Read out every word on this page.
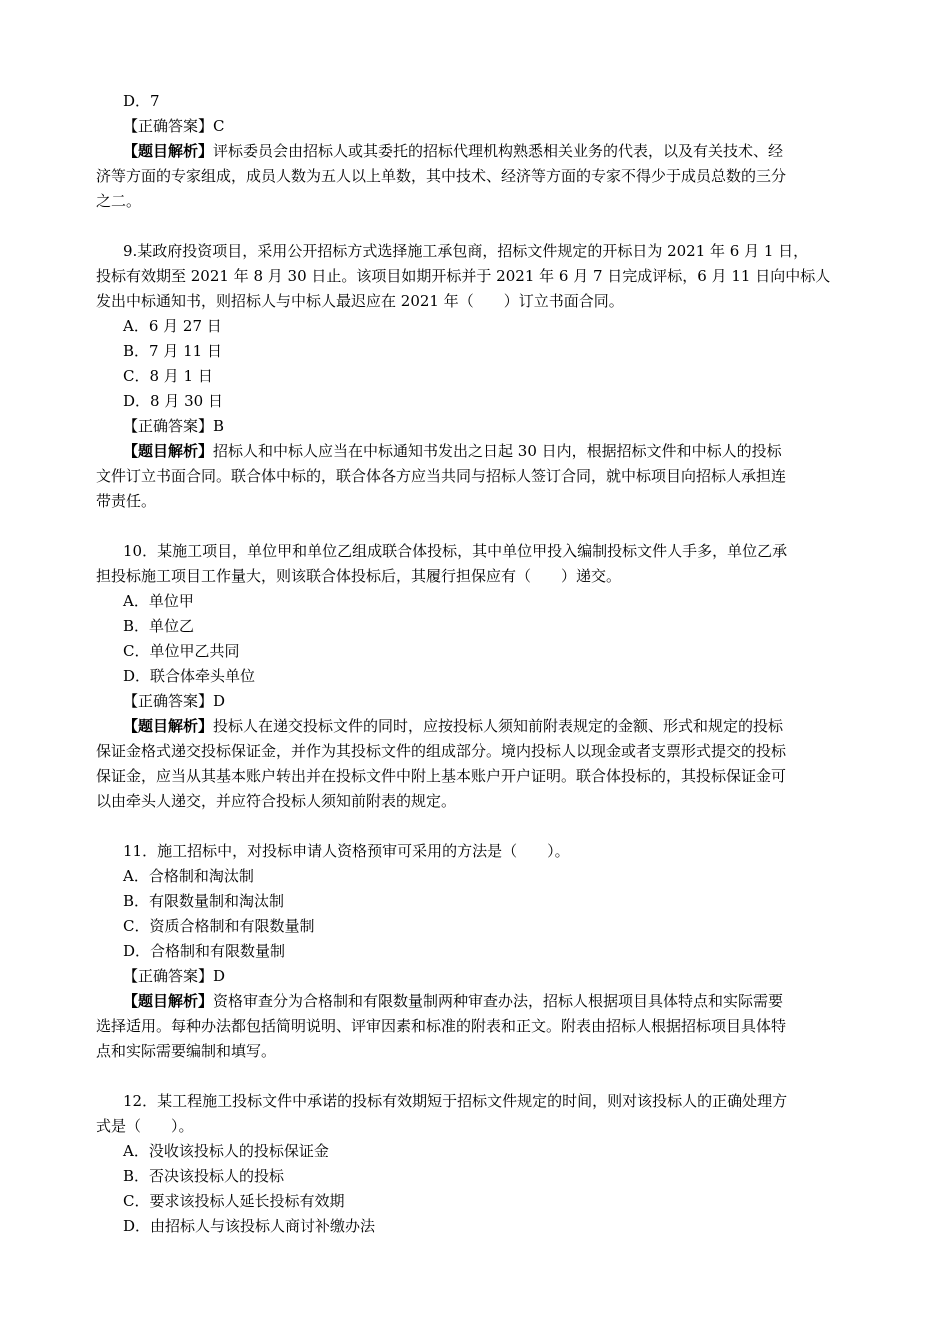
D．7
【正确答案】C
【题目解析】评标委员会由招标人或其委托的招标代理机构熟悉相关业务的代表，以及有关技术、经
济等方面的专家组成，成员人数为五人以上单数，其中技术、经济等方面的专家不得少于成员总数的三分
之二。
9.某政府投资项目，采用公开招标方式选择施工承包商，招标文件规定的开标日为 2021 年 6 月 1 日，
投标有效期至 2021 年 8 月 30 日止。该项目如期开标并于 2021 年 6 月 7 日完成评标，6 月 11 日向中标人
发出中标通知书，则招标人与中标人最迟应在 2021 年（　　）订立书面合同。
A．6 月 27 日
B．7 月 11 日
C．8 月 1 日
D．8 月 30 日
【正确答案】B
【题目解析】招标人和中标人应当在中标通知书发出之日起 30 日内，根据招标文件和中标人的投标
文件订立书面合同。联合体中标的，联合体各方应当共同与招标人签订合同，就中标项目向招标人承担连
带责任。
10．某施工项目，单位甲和单位乙组成联合体投标，其中单位甲投入编制投标文件人手多，单位乙承
担投标施工项目工作量大，则该联合体投标后，其履行担保应有（　　）递交。
A．单位甲
B．单位乙
C．单位甲乙共同
D．联合体牵头单位
【正确答案】D
【题目解析】投标人在递交投标文件的同时，应按投标人须知前附表规定的金额、形式和规定的投标
保证金格式递交投标保证金，并作为其投标文件的组成部分。境内投标人以现金或者支票形式提交的投标
保证金，应当从其基本账户转出并在投标文件中附上基本账户开户证明。联合体投标的，其投标保证金可
以由牵头人递交，并应符合投标人须知前附表的规定。
11．施工招标中，对投标申请人资格预审可采用的方法是（　　）。
A．合格制和淘汰制
B．有限数量制和淘汰制
C．资质合格制和有限数量制
D．合格制和有限数量制
【正确答案】D
【题目解析】资格审查分为合格制和有限数量制两种审查办法，招标人根据项目具体特点和实际需要
选择适用。每种办法都包括简明说明、评审因素和标准的附表和正文。附表由招标人根据招标项目具体特
点和实际需要编制和填写。
12．某工程施工投标文件中承诺的投标有效期短于招标文件规定的时间，则对该投标人的正确处理方
式是（　　）。
A．没收该投标人的投标保证金
B．否决该投标人的投标
C．要求该投标人延长投标有效期
D．由招标人与该投标人商讨补缴办法
